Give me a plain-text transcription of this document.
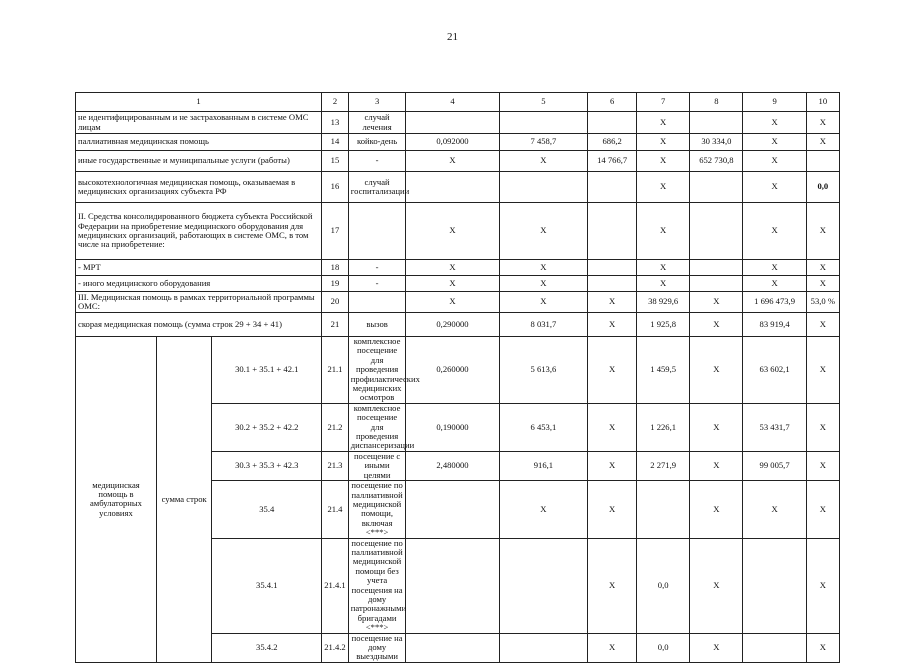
21
1			2	3	4	5	6	7	8	9	10
не идентифицированным и не застрахованным в системе ОМС лицам			13	случай лечения				X		X	X
паллиативная медицинская помощь			14	койко-день	0,092000	7 458,7	686,2	X	30 334,0	X	X
иные государственные и муниципальные услуги (работы)			15	-	X	X	14 766,7	X	652 730,8	X	
высокотехнологичная медицинская помощь, оказываемая в медицинских организациях субъекта РФ			16	случай госпитализации				X		X	0,0
II. Средства консолидированного бюджета субъекта Российской Федерации на приобретение медицинского оборудования для медицинских организаций, работающих в системе ОМС, в том числе на приобретение:			17		X	X		X		X	X
- МРТ			18	-	X	X		X		X	X
- иного медицинского оборудования			19	-	X	X		X		X	X
III. Медицинская помощь в рамках территориальной программы ОМС:			20		X	X	X	38 929,6	X	1 696 473,9	53,0 %
скорая медицинская помощь (сумма строк 29 + 34 + 41)			21	вызов	0,290000	8 031,7	X	1 925,8	X	83 919,4	X
медицинская помощь в амбулаторных условиях	сумма строк	30.1 + 35.1 + 42.1	21.1	комплексное посещение для проведения профилактических медицинских осмотров	0,260000	5 613,6	X	1 459,5	X	63 602,1	X
		30.2 + 35.2 + 42.2	21.2	комплексное посещение для проведения диспансеризации	0,190000	6 453,1	X	1 226,1	X	53 431,7	X
		30.3 + 35.3 + 42.3	21.3	посещение с иными целями	2,480000	916,1	X	2 271,9	X	99 005,7	X
		35.4	21.4	посещение по паллиативной медицинской помощи, включая <***>		X	X		X	X	X
		35.4.1	21.4.1	посещение по паллиативной медицинской помощи без учета посещения на дому патронажными бригадами <***>			X	0,0	X		X
		35.4.2	21.4.2	посещение на дому выездными			X	0,0	X		X
